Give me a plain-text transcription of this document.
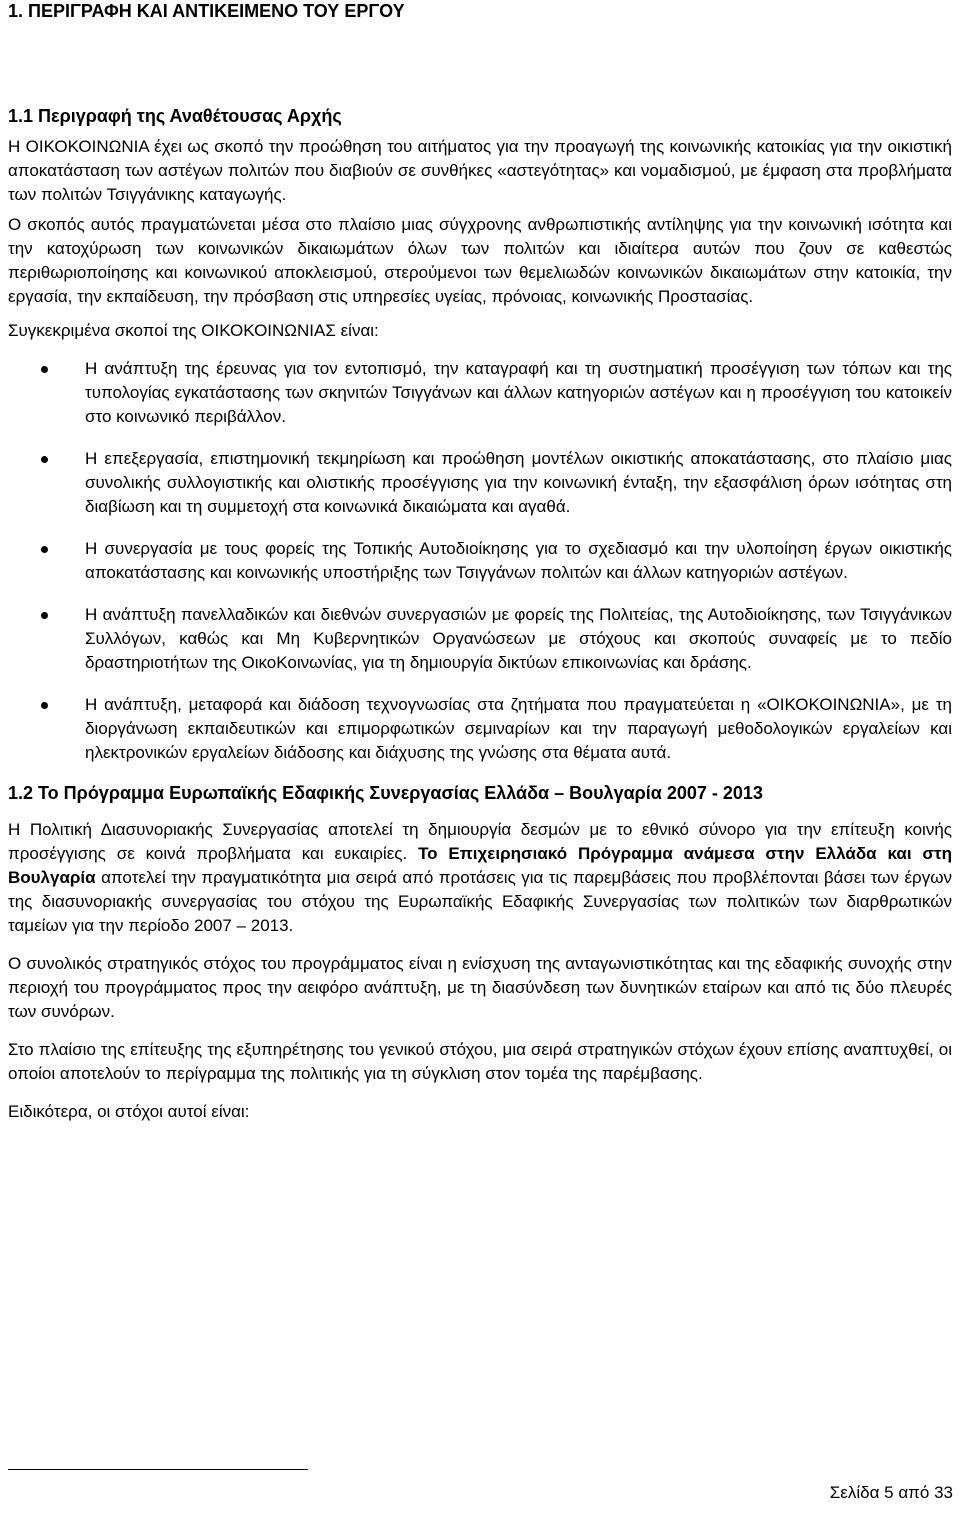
1. ΠΕΡΙΓΡΑΦΗ ΚΑΙ ΑΝΤΙΚΕΙΜΕΝΟ ΤΟΥ ΕΡΓΟΥ
1.1 Περιγραφή της Αναθέτουσας Αρχής

Η ΟΙΚΟΚΟΙΝΩΝΙΑ έχει ως σκοπό την προώθηση του αιτήματος για την προαγωγή της κοινωνικής κατοικίας για την οικιστική αποκατάσταση των αστέγων πολιτών που διαβιούν σε συνθήκες «αστεγότητας» και νομαδισμού, με έμφαση στα προβλήματα των πολιτών Τσιγγάνικης καταγωγής.

Ο σκοπός αυτός πραγματώνεται μέσα στο πλαίσιο μιας σύγχρονης ανθρωπιστικής αντίληψης για την κοινωνική ισότητα και την κατοχύρωση των κοινωνικών δικαιωμάτων όλων των πολιτών και ιδιαίτερα αυτών που ζουν σε καθεστώς περιθωριοποίησης και κοινωνικού αποκλεισμού, στερούμενοι των θεμελιωδών κοινωνικών δικαιωμάτων στην κατοικία, την εργασία, την εκπαίδευση, την πρόσβαση στις υπηρεσίες υγείας, πρόνοιας, κοινωνικής Προστασίας.

Συγκεκριμένα σκοποί της ΟΙΚΟΚΟΙΝΩΝΙΑΣ είναι:

Η ανάπτυξη της έρευνας για τον εντοπισμό, την καταγραφή και τη συστηματική προσέγγιση των τόπων και της τυπολογίας εγκατάστασης των σκηνιτών Τσιγγάνων και άλλων κατηγοριών αστέγων και η προσέγγιση του κατοικείν στο κοινωνικό περιβάλλον.
Η επεξεργασία, επιστημονική τεκμηρίωση και προώθηση μοντέλων οικιστικής αποκατάστασης, στο πλαίσιο μιας συνολικής συλλογιστικής και ολιστικής προσέγγισης για την κοινωνική ένταξη, την εξασφάλιση όρων ισότητας στη διαβίωση και τη συμμετοχή στα κοινωνικά δικαιώματα και αγαθά.
Η συνεργασία με τους φορείς της Τοπικής Αυτοδιοίκησης για το σχεδιασμό και την υλοποίηση έργων οικιστικής αποκατάστασης και κοινωνικής υποστήριξης των Τσιγγάνων πολιτών και άλλων κατηγοριών αστέγων.
Η ανάπτυξη πανελλαδικών και διεθνών συνεργασιών με φορείς της Πολιτείας, της Αυτοδιοίκησης, των Τσιγγάνικων Συλλόγων, καθώς και Μη Κυβερνητικών Οργανώσεων με στόχους και σκοπούς συναφείς με το πεδίο δραστηριοτήτων της ΟικοΚοινωνίας, για τη δημιουργία δικτύων επικοινωνίας και δράσης.
Η ανάπτυξη, μεταφορά και διάδοση τεχνογνωσίας στα ζητήματα που πραγματεύεται η «ΟΙΚΟΚΟΙΝΩΝΙΑ», με τη διοργάνωση εκπαιδευτικών και επιμορφωτικών σεμιναρίων και την παραγωγή μεθοδολογικών εργαλείων και ηλεκτρονικών εργαλείων διάδοσης και διάχυσης της γνώσης στα θέματα αυτά.
1.2 Το Πρόγραμμα Ευρωπαϊκής Εδαφικής Συνεργασίας Ελλάδα – Βουλγαρία 2007 - 2013

Η Πολιτική Διασυνοριακής Συνεργασίας αποτελεί τη δημιουργία δεσμών με το εθνικό σύνορο για την επίτευξη κοινής προσέγγισης σε κοινά προβλήματα και ευκαιρίες. Το Επιχειρησιακό Πρόγραμμα ανάμεσα στην Ελλάδα και στη Βουλγαρία αποτελεί την πραγματικότητα μια σειρά από προτάσεις για τις παρεμβάσεις που προβλέπονται βάσει των έργων της διασυνοριακής συνεργασίας του στόχου της Ευρωπαϊκής Εδαφικής Συνεργασίας των πολιτικών των διαρθρωτικών ταμείων για την περίοδο 2007 – 2013.

Ο συνολικός στρατηγικός στόχος του προγράμματος είναι η ενίσχυση της ανταγωνιστικότητας και της εδαφικής συνοχής στην περιοχή του προγράμματος προς την αειφόρο ανάπτυξη, με τη διασύνδεση των δυνητικών εταίρων και από τις δύο πλευρές των συνόρων.

Στο πλαίσιο της επίτευξης της εξυπηρέτησης του γενικού στόχου, μια σειρά στρατηγικών στόχων έχουν επίσης αναπτυχθεί, οι οποίοι αποτελούν το περίγραμμα της πολιτικής για τη σύγκλιση στον τομέα της παρέμβασης.

Ειδικότερα, οι στόχοι αυτοί είναι:

Σελίδα 5 από 33
